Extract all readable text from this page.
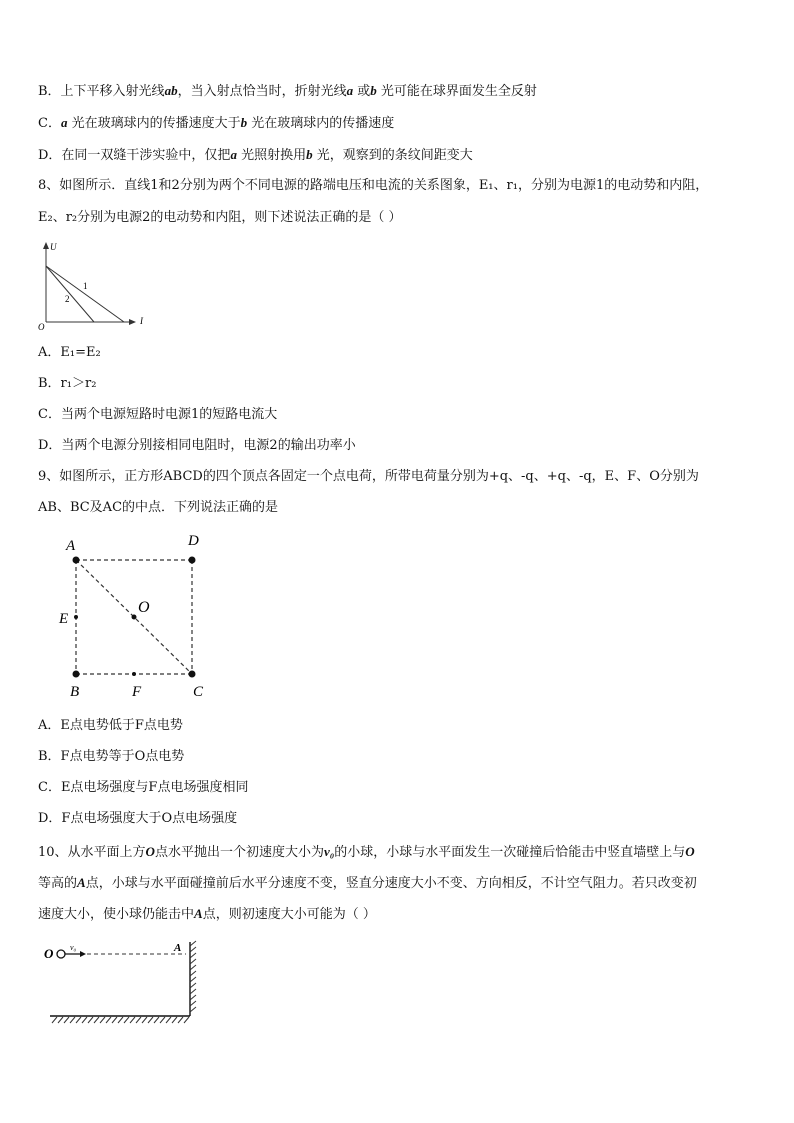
B．上下平移入射光线ab，当入射点恰当时，折射光线a 或b 光可能在球界面发生全反射
C．a 光在玻璃球内的传播速度大于b 光在玻璃球内的传播速度
D．在同一双缝干涉实验中，仅把a 光照射换用b 光，观察到的条纹间距变大
8、如图所示．直线1和2分别为两个不同电源的路端电压和电流的关系图象，E₁、r₁，分别为电源1的电动势和内阻，
E₂、r₂分别为电源2的电动势和内阻，则下述说法正确的是（ ）
U
I
O
1
2
A．E₁=E₂
B．r₁＞r₂
C．当两个电源短路时电源1的短路电流大
D．当两个电源分别接相同电阻时，电源2的输出功率小
9、如图所示，正方形ABCD的四个顶点各固定一个点电荷，所带电荷量分别为+q、-q、+q、-q，E、F、O分别为
AB、BC及AC的中点．下列说法正确的是
A	D
B	C
E
F
O
A．E点电势低于F点电势
B．F点电势等于O点电势
C．E点电场强度与F点电场强度相同
D．F点电场强度大于O点电场强度
10、从水平面上方O点水平抛出一个初速度大小为v₀的小球，小球与水平面发生一次碰撞后恰能击中竖直墙壁上与O
等高的A点，小球与水平面碰撞前后水平分速度不变，竖直分速度大小不变、方向相反，不计空气阻力。若只改变初
速度大小，使小球仍能击中A点，则初速度大小可能为（ ）
O v₀	A
